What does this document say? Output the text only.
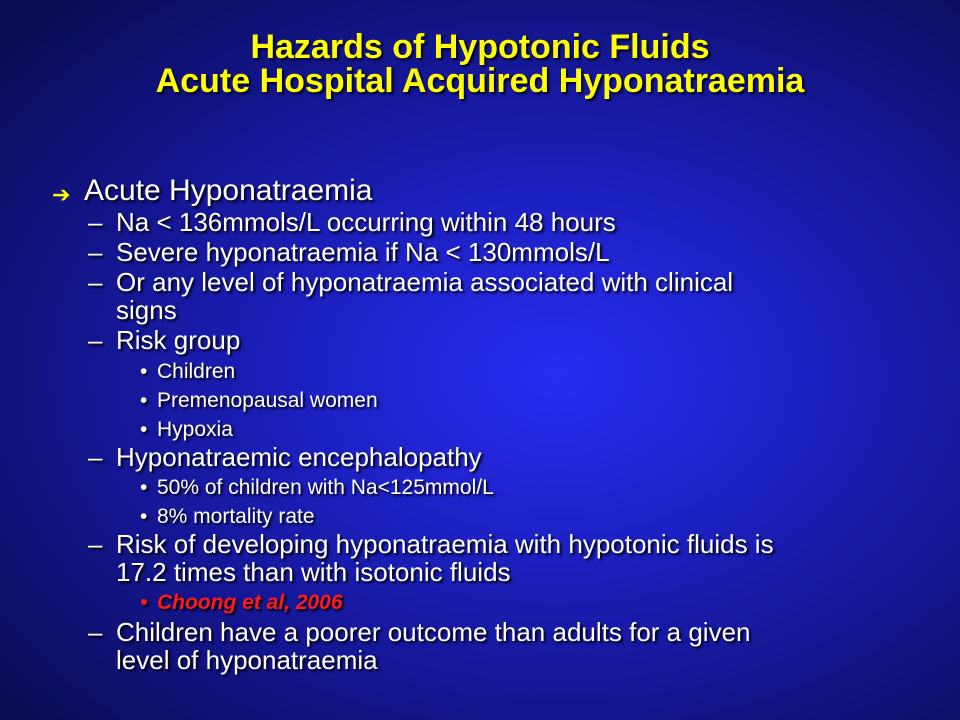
Hazards of Hypotonic Fluids
Acute Hospital Acquired Hyponatraemia
➔ Acute Hyponatraemia
– Na < 136mmols/L occurring within 48 hours
– Severe hyponatraemia if Na < 130mmols/L
– Or any level of hyponatraemia associated with clinical
signs
– Risk group
• Children
• Premenopausal women
• Hypoxia
– Hyponatraemic encephalopathy
• 50% of children with Na<125mmol/L
• 8% mortality rate
– Risk of developing hyponatraemia with hypotonic fluids is
17.2 times than with isotonic fluids
• Choong et al, 2006
– Children have a poorer outcome than adults for a given
level of hyponatraemia
